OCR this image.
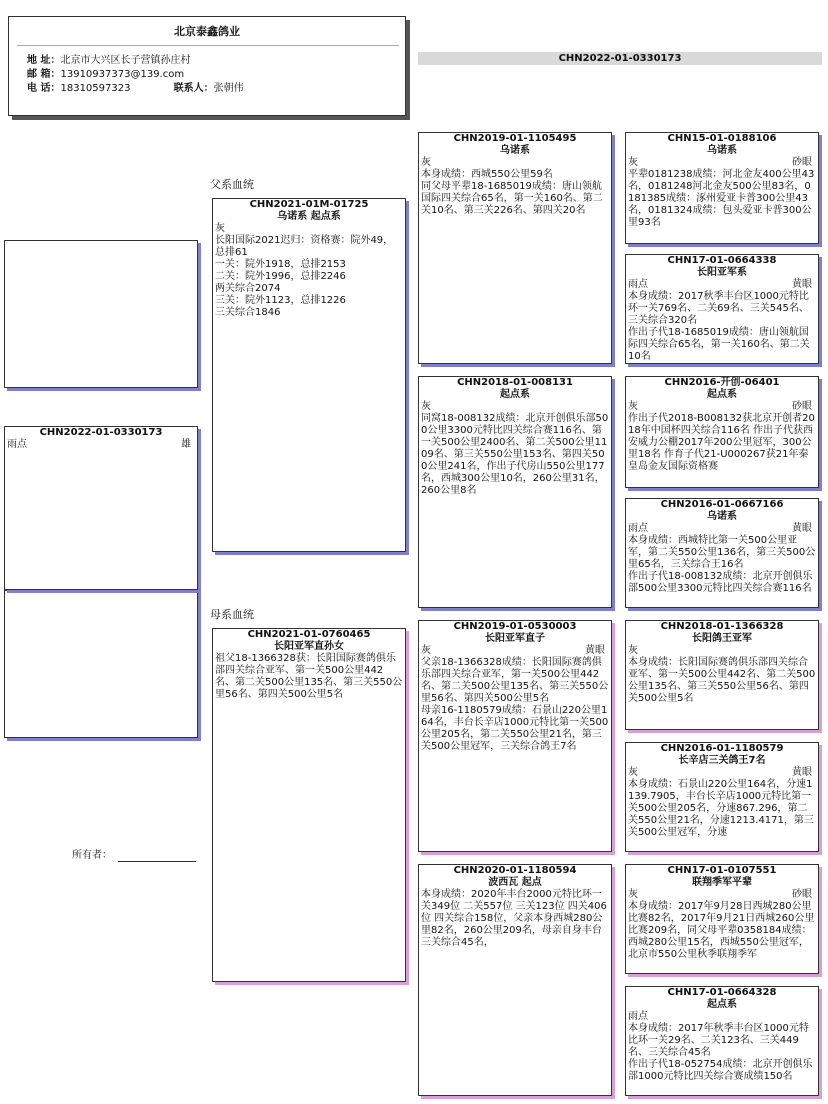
北京泰鑫鸽业
地 址：北京市大兴区长子营镇孙庄村
邮 箱：13910937373@139.com
电 话：18310597323	联系人：张朝伟
CHN2022-01-0330173
CHN2022-01-0330173
雨点	雄
父系血统
母系血统
所有者：
CHN2021-01M-01725
乌诺系 起点系
灰
长阳国际2021迟归：资格赛：院外49，总排61
一关：院外1918，总排2153
二关：院外1996，总排2246
两关综合2074
三关：院外1123，总排1226
三关综合1846
CHN2021-01-0760465
长阳亚军直孙女
祖父18-1366328获：长阳国际赛鸽俱乐部四关综合亚军、第一关500公里442名、第二关500公里135名、第三关550公里56名、第四关500公里5名
CHN2019-01-1105495
乌诺系
灰
本身成绩：西城550公里59名
同父母平辈18-1685019成绩：唐山领航国际四关综合65名，第一关160名、第二关10名、第三关226名、第四关20名
CHN2018-01-008131
起点系
灰
同窝18-008132成绩：北京开创俱乐部500公里3300元特比四关综合赛116名、第一关500公里2400名、第二关500公里1109名、第三关550公里153名、第四关500公里241名，作出子代房山550公里177名，西城300公里10名，260公里31名，260公里8名
CHN2019-01-0530003
长阳亚军直子
灰	黄眼
父亲18-1366328成绩：长阳国际赛鸽俱乐部四关综合亚军，第一关500公里442名、第二关500公里135名、第三关550公里56名、第四关500公里5名
母亲16-1180579成绩：石景山220公里164名，丰台长辛店1000元特比第一关500公里205名，第二关550公里21名，第三关500公里冠军，三关综合鸽王7名
CHN2020-01-1180594
波西瓦 起点
本身成绩：2020年丰台2000元特比环一关349位 二关557位 三关123位 四关406位 四关综合158位，父亲本身西城280公里82名，260公里209名，母亲自身丰台三关综合45名，
CHN15-01-0188106
乌诺系
灰	砂眼
平辈0181238成绩：河北金友400公里43名，0181248河北金友500公里83名，0181385成绩：涿州爱亚卡普300公里43名，0181324成绩：包头爱亚卡普300公里93名
CHN17-01-0664338
长阳亚军系
雨点	黄眼
本身成绩：2017秋季丰台区1000元特比环一关769名、二关69名、三关545名、三关综合320名
作出子代18-1685019成绩：唐山领航国际四关综合65名，第一关160名、第二关10名
CHN2016-开创-06401
起点系
灰	砂眼
作出子代2018-B008132获北京开创者2018年中国杯四关综合116名 作出子代获西安威力公棚2017年200公里冠军，300公里18名 作育子代21-U000267获21年秦皇岛金友国际资格赛
CHN2016-01-0667166
乌诺系
雨点	黄眼
本身成绩：西城特比第一关500公里亚军，第二关550公里136名，第三关500公里65名，三关综合王16名
作出子代18-008132成绩：北京开创俱乐部500公里3300元特比四关综合赛116名
CHN2018-01-1366328
长阳鸽王亚军
灰
本身成绩：长阳国际赛鸽俱乐部四关综合亚军、第一关500公里442名、第二关500公里135名、第三关550公里56名、第四关500公里5名
CHN2016-01-1180579
长辛店三关鸽王7名
灰	黄眼
本身成绩：石景山220公里164名，分速1139.7905，丰台长辛店1000元特比第一关500公里205名，分速867.296，第二关550公里21名，分速1213.4171，第三关500公里冠军，分速
CHN17-01-0107551
联翔季军平辈
灰	砂眼
本身成绩：2017年9月28日西城280公里比赛82名，2017年9月21日西城260公里比赛209名，同父母平辈0358184成绩：西城280公里15名，西城550公里冠军，北京市550公里秋季联翔季军
CHN17-01-0664328
起点系
雨点
本身成绩：2017年秋季丰台区1000元特比环一关29名、二关123名、三关449名、三关综合45名
作出子代18-052754成绩：北京开创俱乐部1000元特比四关综合赛成绩150名
